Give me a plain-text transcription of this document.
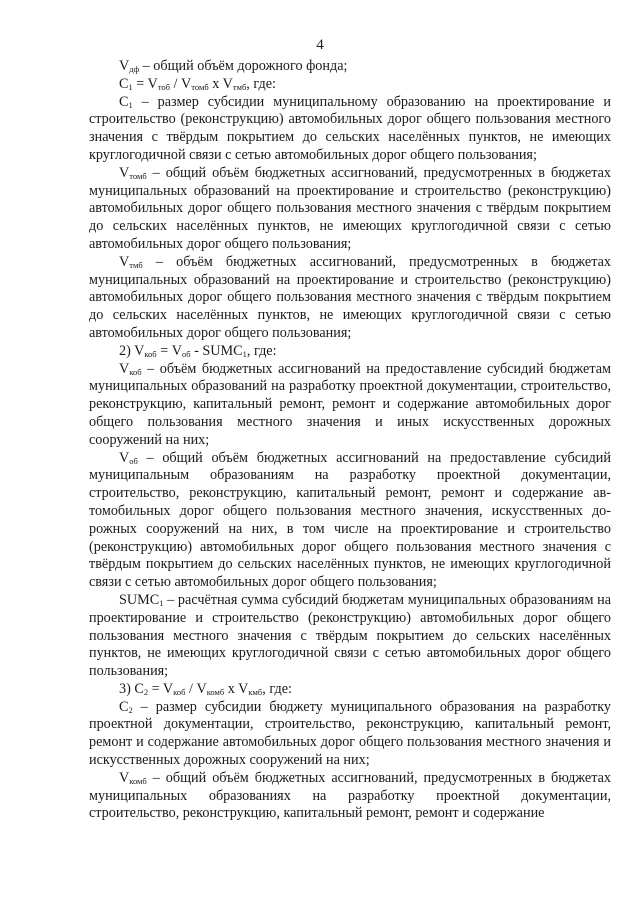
4

$V_{дф}$ – общий объём дорожного фонда;

$C_1 = V_{тоб} / V_{томб}$ x $V_{тмб}$, где:

$C_1$ – размер субсидии муниципальному образованию на проектирование и строительство (реконструкцию) автомобильных дорог общего пользования местного значения с твёрдым покрытием до сельских населённых пунктов, не имеющих круглогодичной связи с сетью автомобильных дорог общего пользования;

$V_{томб}$ – общий объём бюджетных ассигнований, предусмотренных в бюджетах муниципальных образований на проектирование и строительство (реконструкцию) автомобильных дорог общего пользования местного значения с твёрдым покрытием до сельских населённых пунктов, не имеющих круглогодичной связи с сетью автомобильных дорог общего пользования;

$V_{тмб}$ – объём бюджетных ассигнований, предусмотренных в бюджетах муниципальных образований на проектирование и строительство (реконструкцию) автомобильных дорог общего пользования местного значения с твёрдым покрытием до сельских населённых пунктов, не имеющих круглогодичной связи с сетью автомобильных дорог общего пользования;

2) $V_{коб} = V_{об}$ - $SUMC_1$, где:

$V_{коб}$ – объём бюджетных ассигнований на предоставление субсидий бюджетам муниципальных образований на разработку проектной документации, строительство, реконструкцию, капитальный ремонт, ремонт и содержание автомобильных дорог общего пользования местного значения и иных искусственных дорожных сооружений на них;

$V_{об}$ – общий объём бюджетных ассигнований на предоставление субсидий муниципальным образованиям на разработку проектной документации, строительство, реконструкцию, капитальный ремонт, ремонт и содержание автомобильных дорог общего пользования местного значения, искусственных дорожных сооружений на них, в том числе на проектирование и строительство (реконструкцию) автомобильных дорог общего пользования местного значения с твёрдым покрытием до сельских населённых пунктов, не имеющих круглогодичной связи с сетью автомобильных дорог общего пользования;

$SUMC_1$ – расчётная сумма субсидий бюджетам муниципальных образованиям на проектирование и строительство (реконструкцию) автомобильных дорог общего пользования местного значения с твёрдым покрытием до сельских населённых пунктов, не имеющих круглогодичной связи с сетью автомобильных дорог общего пользования;

3) $C_2 = V_{коб} / V_{комб}$ x $V_{кмб}$, где:

$C_2$ – размер субсидии бюджету муниципального образования на разработку проектной документации, строительство, реконструкцию, капитальный ремонт, ремонт и содержание автомобильных дорог общего пользования местного значения и искусственных дорожных сооружений на них;

$V_{комб}$ – общий объём бюджетных ассигнований, предусмотренных в бюджетах муниципальных образованиях на разработку проектной документации, строительство, реконструкцию, капитальный ремонт, ремонт и содержание
